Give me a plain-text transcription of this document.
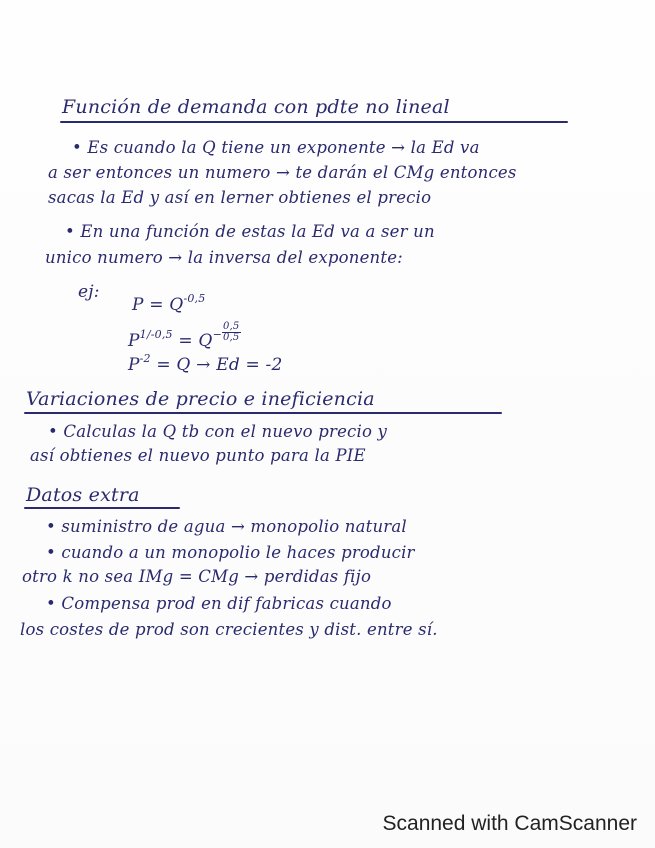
Función de demanda con pdte no lineal
• Es cuando la Q tiene un exponente → la Ed va
a ser entonces un numero → te darán el CMg entonces
sacas la Ed y así en lerner obtienes el precio
• En una función de estas la Ed va a ser un
unico numero → la inversa del exponente:
ej:
$P = Q^{-0,5}$
$P^{1/-0,5} = Q^- \frac{0,5}{0,5}$
$P^{-2} = Q \to Ed = -2$
Variaciones de precio e ineficiencia
• Calculas la Q tb con el nuevo precio y
así obtienes el nuevo punto para la PIE
Datos extra
• suministro de agua → monopolio natural
• cuando a un monopolio le haces producir
otro k no sea IMg = CMg → perdidas fijo
• Compensa prod en dif fabricas cuando
los costes de prod son crecientes y dist. entre sí.
Scanned with CamScanner
